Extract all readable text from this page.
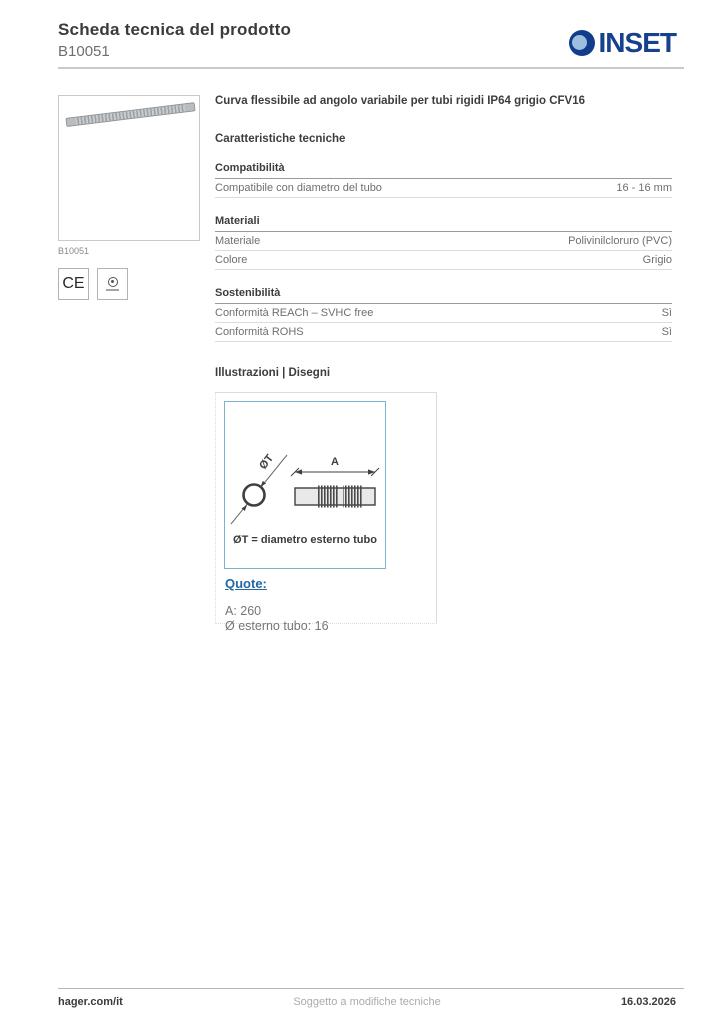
Scheda tecnica del prodotto
B10051	INSET
B10051
CE
Curva flessibile ad angolo variabile per tubi rigidi IP64 grigio CFV16
Caratteristiche tecniche
Compatibilità
Compatibile con diametro del tubo	16 - 16 mm
Materiali
Materiale	Polivinilcloruro (PVC)
Colore	Grigio
Sostenibilità
Conformità REACh – SVHC free	Sì
Conformità ROHS	Sì
Illustrazioni | Disegni
ØT	A
ØT = diametro esterno tubo
Quote:
A: 260
Ø esterno tubo: 16
Soggetto a modifiche tecniche
hager.com/it	16.03.2026
